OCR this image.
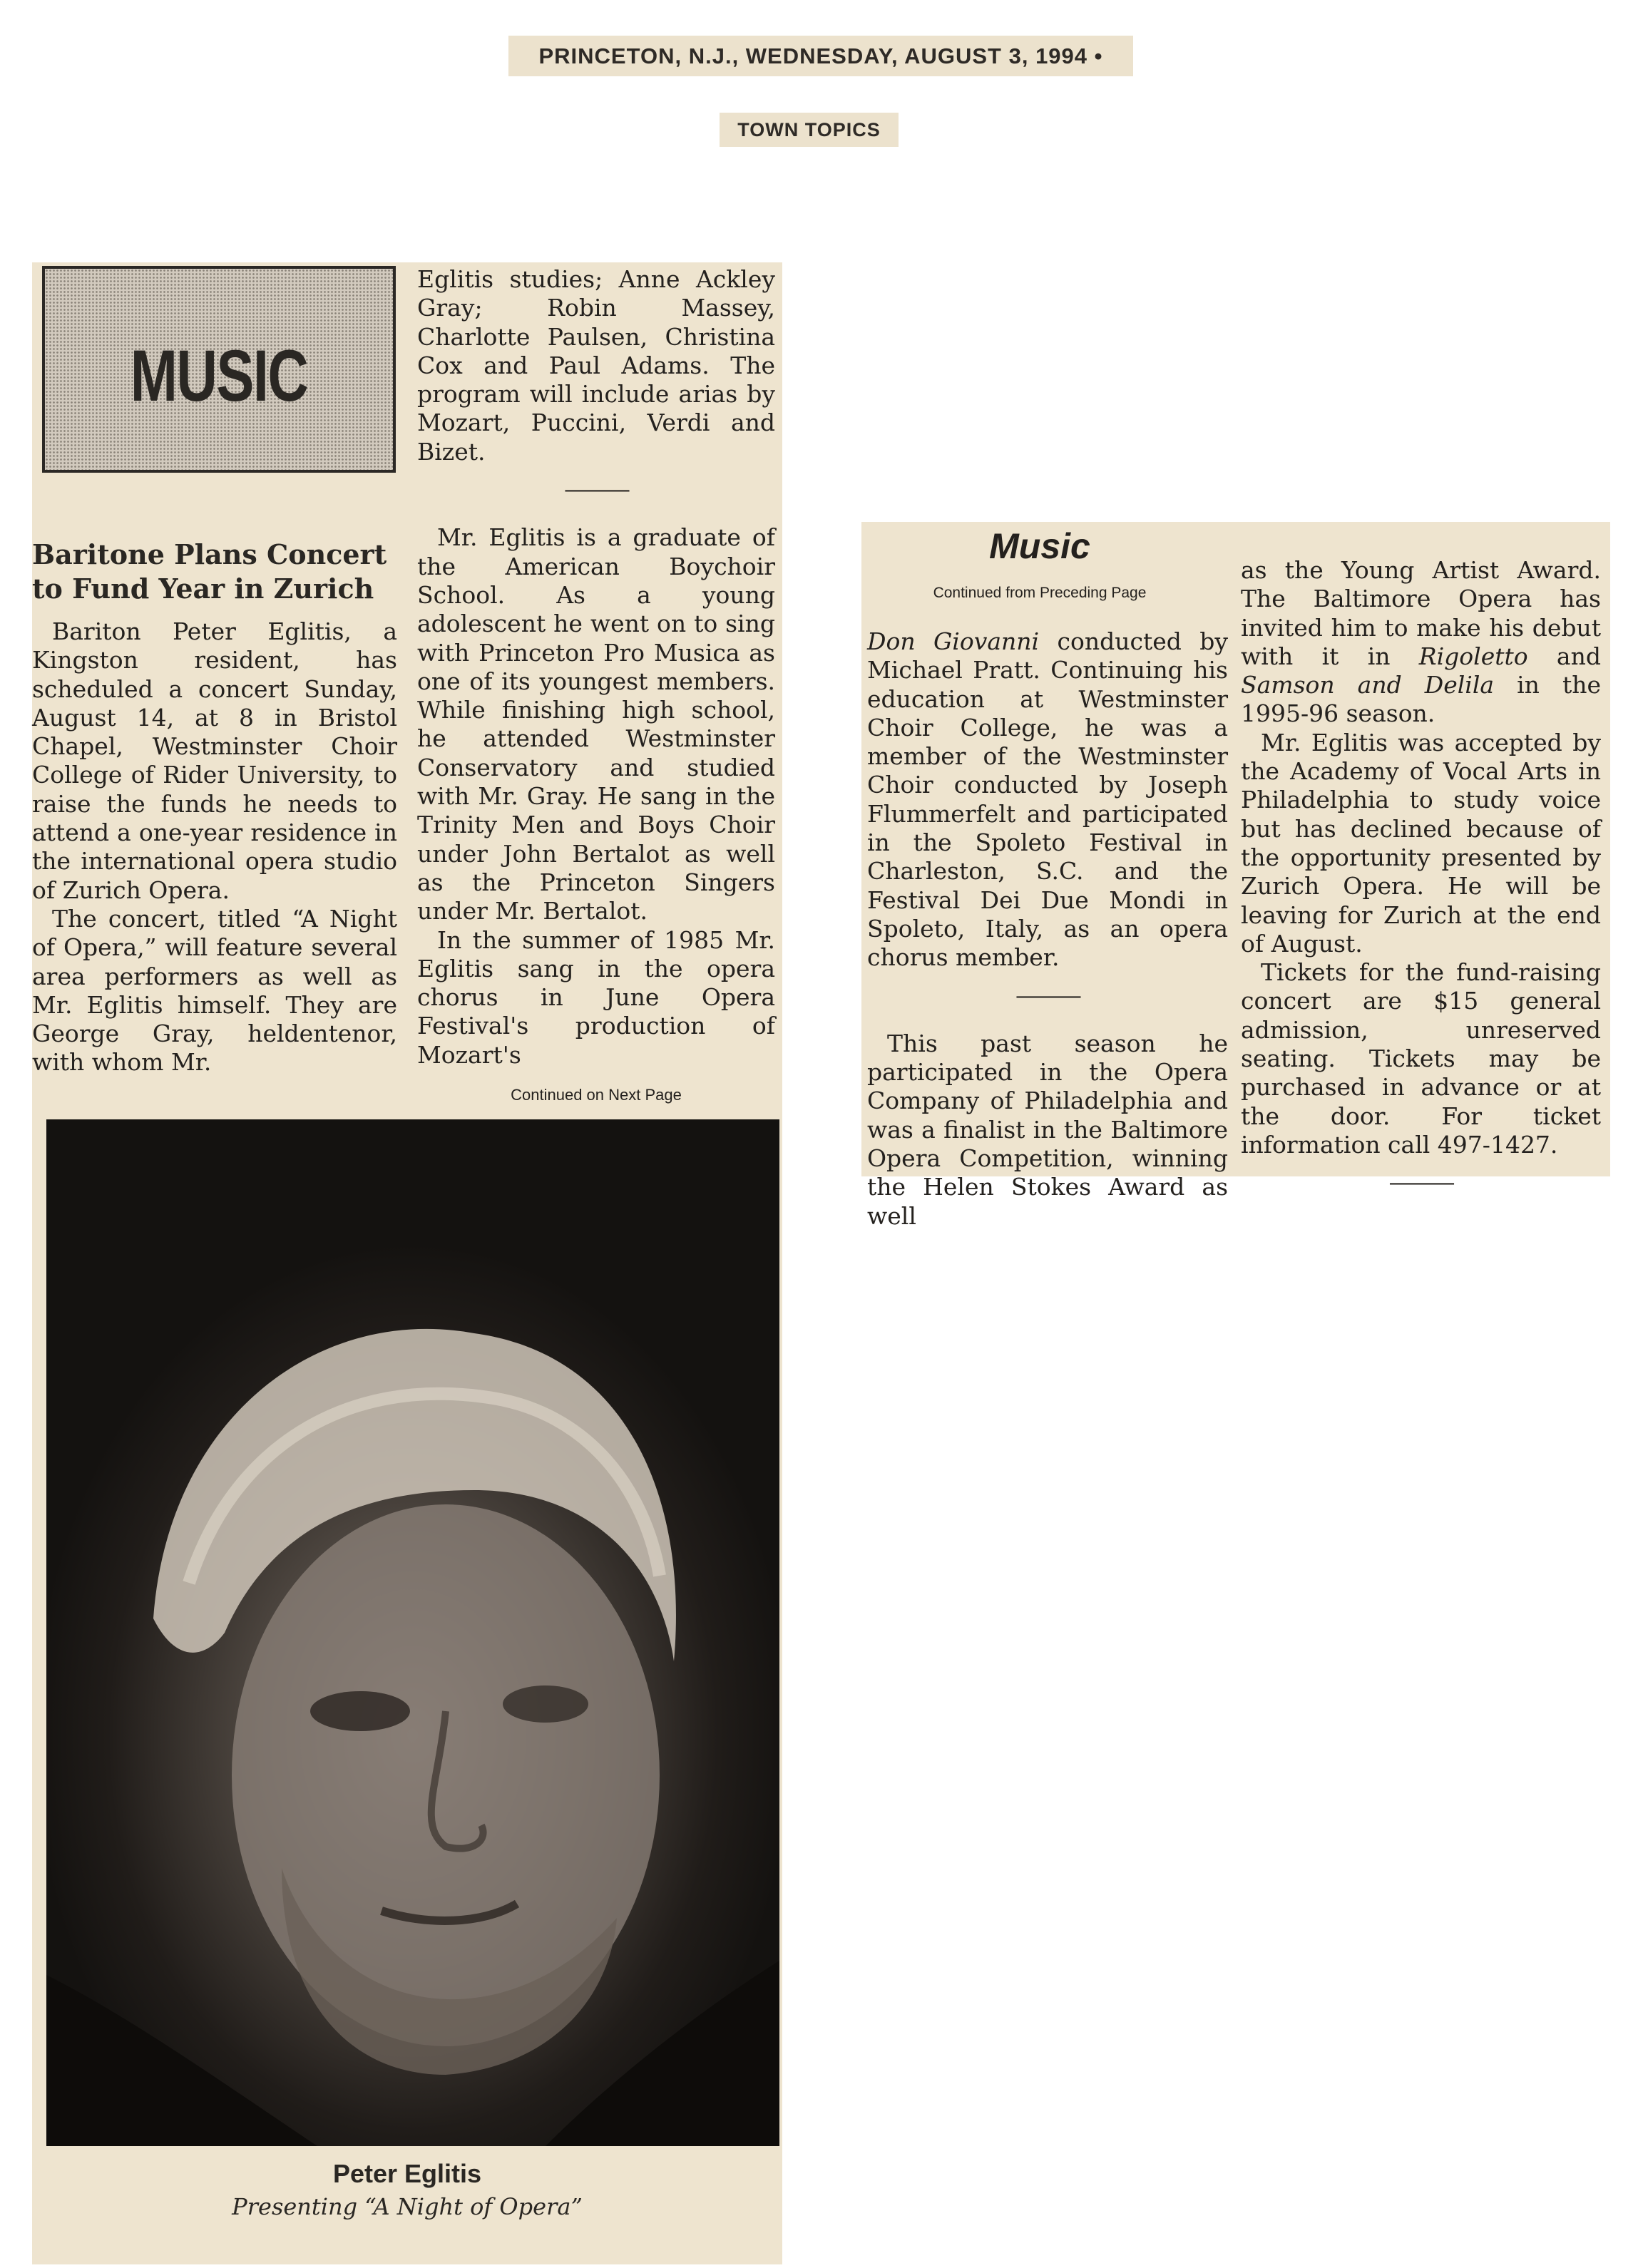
PRINCETON, N.J., WEDNESDAY, AUGUST 3, 1994 •
TOWN TOPICS
MUSIC
Baritone Plans Concert to Fund Year in Zurich

Bariton Peter Eglitis, a Kingston resident, has scheduled a concert Sunday, August 14, at 8 in Bristol Chapel, Westminster Choir College of Rider University, to raise the funds he needs to attend a one-year residence in the international opera studio of Zurich Opera.

The concert, titled “A Night of Opera,” will feature several area performers as well as Mr. Eglitis himself. They are George Gray, heldentenor, with whom Mr.

Eglitis studies; Anne Ackley Gray; Robin Massey, Charlotte Paulsen, Christina Cox and Paul Adams. The program will include arias by Mozart, Puccini, Verdi and Bizet.

———

Mr. Eglitis is a graduate of the American Boychoir School. As a young adolescent he went on to sing with Princeton Pro Musica as one of its youngest members. While finishing high school, he attended Westminster Conservatory and studied with Mr. Gray. He sang in the Trinity Men and Boys Choir under John Bertalot as well as the Princeton Singers under Mr. Bertalot.

In the summer of 1985 Mr. Eglitis sang in the opera chorus in June Opera Festival's production of Mozart's

Continued on Next Page
Peter Eglitis
Presenting “A Night of Opera”
Music
Continued from Preceding Page

Don Giovanni conducted by Michael Pratt. Continuing his education at Westminster Choir College, he was a member of the Westminster Choir conducted by Joseph Flummerfelt and participated in the Spoleto Festival in Charleston, S.C. and the Festival Dei Due Mondi in Spoleto, Italy, as an opera chorus member.

———

This past season he participated in the Opera Company of Philadelphia and was a finalist in the Baltimore Opera Competition, winning the Helen Stokes Award as well

as the Young Artist Award. The Baltimore Opera has invited him to make his debut with it in Rigoletto and Samson and Delila in the 1995-96 season.

Mr. Eglitis was accepted by the Academy of Vocal Arts in Philadelphia to study voice but has declined because of the opportunity presented by Zurich Opera. He will be leaving for Zurich at the end of August.

Tickets for the fund-raising concert are $15 general admission, unreserved seating. Tickets may be purchased in advance or at the door. For ticket information call 497-1427.

———
